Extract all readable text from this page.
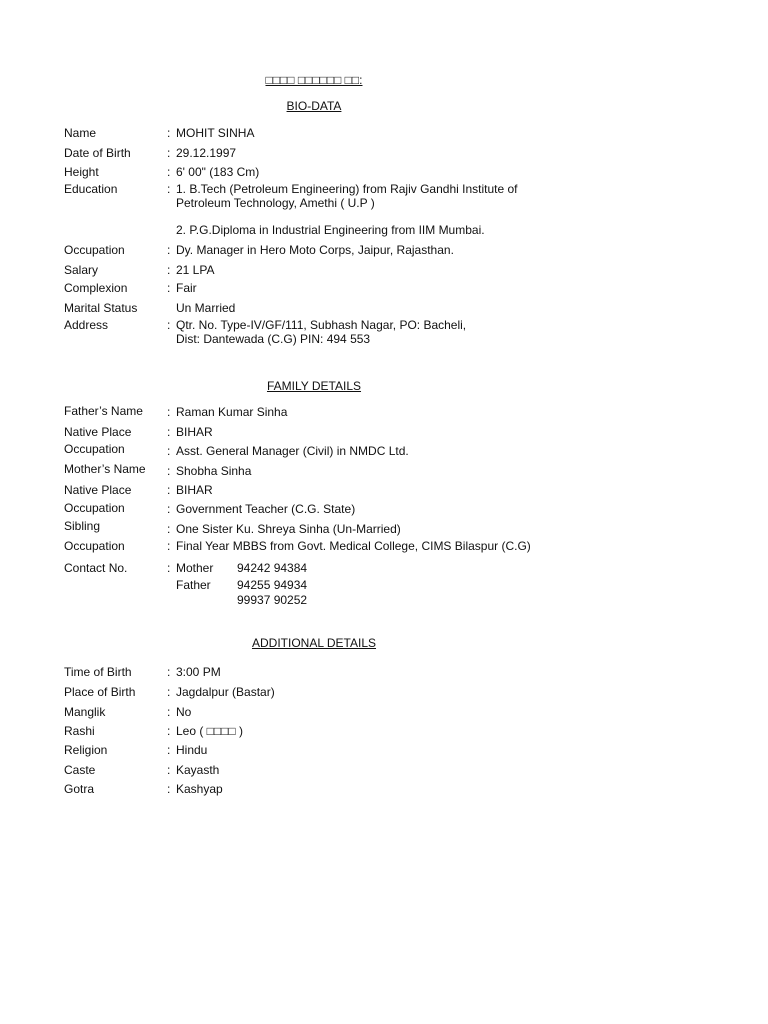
□□□□ □□□□□□ □□:
BIO-DATA
Name	: MOHIT SINHA
Date of Birth	: 29.12.1997
Height	: 6' 00" (183 Cm)
Education	: 1. B.Tech (Petroleum Engineering) from Rajiv Gandhi Institute of
Petroleum Technology, Amethi ( U.P )
2. P.G.Diploma in Industrial Engineering from IIM Mumbai.
Occupation	: Dy. Manager in Hero Moto Corps, Jaipur, Rajasthan.
Salary	: 21 LPA
Complexion	: Fair
Marital Status	Un Married
Address	: Qtr. No. Type-IV/GF/111, Subhash Nagar, PO: Bacheli,
Dist: Dantewada (C.G) PIN: 494 553
FAMILY DETAILS
Father’s Name : Raman Kumar Sinha
Native Place	: BIHAR
Occupation	: Asst. General Manager (Civil) in NMDC Ltd.
Mother’s Name : Shobha Sinha
Native Place	: BIHAR
Occupation	: Government Teacher (C.G. State)
Sibling	: One Sister Ku. Shreya Sinha (Un-Married)
Occupation	: Final Year MBBS from Govt. Medical College, CIMS Bilaspur (C.G)
Contact No.	: Mother 94242 94384
Father 94255 94934
99937 90252
ADDITIONAL DETAILS
Time of Birth	: 3:00 PM
Place of Birth	: Jagdalpur (Bastar)
Manglik	: No
Rashi	: Leo ( □□□□ )
Religion	: Hindu
Caste	: Kayasth
Gotra	: Kashyap
